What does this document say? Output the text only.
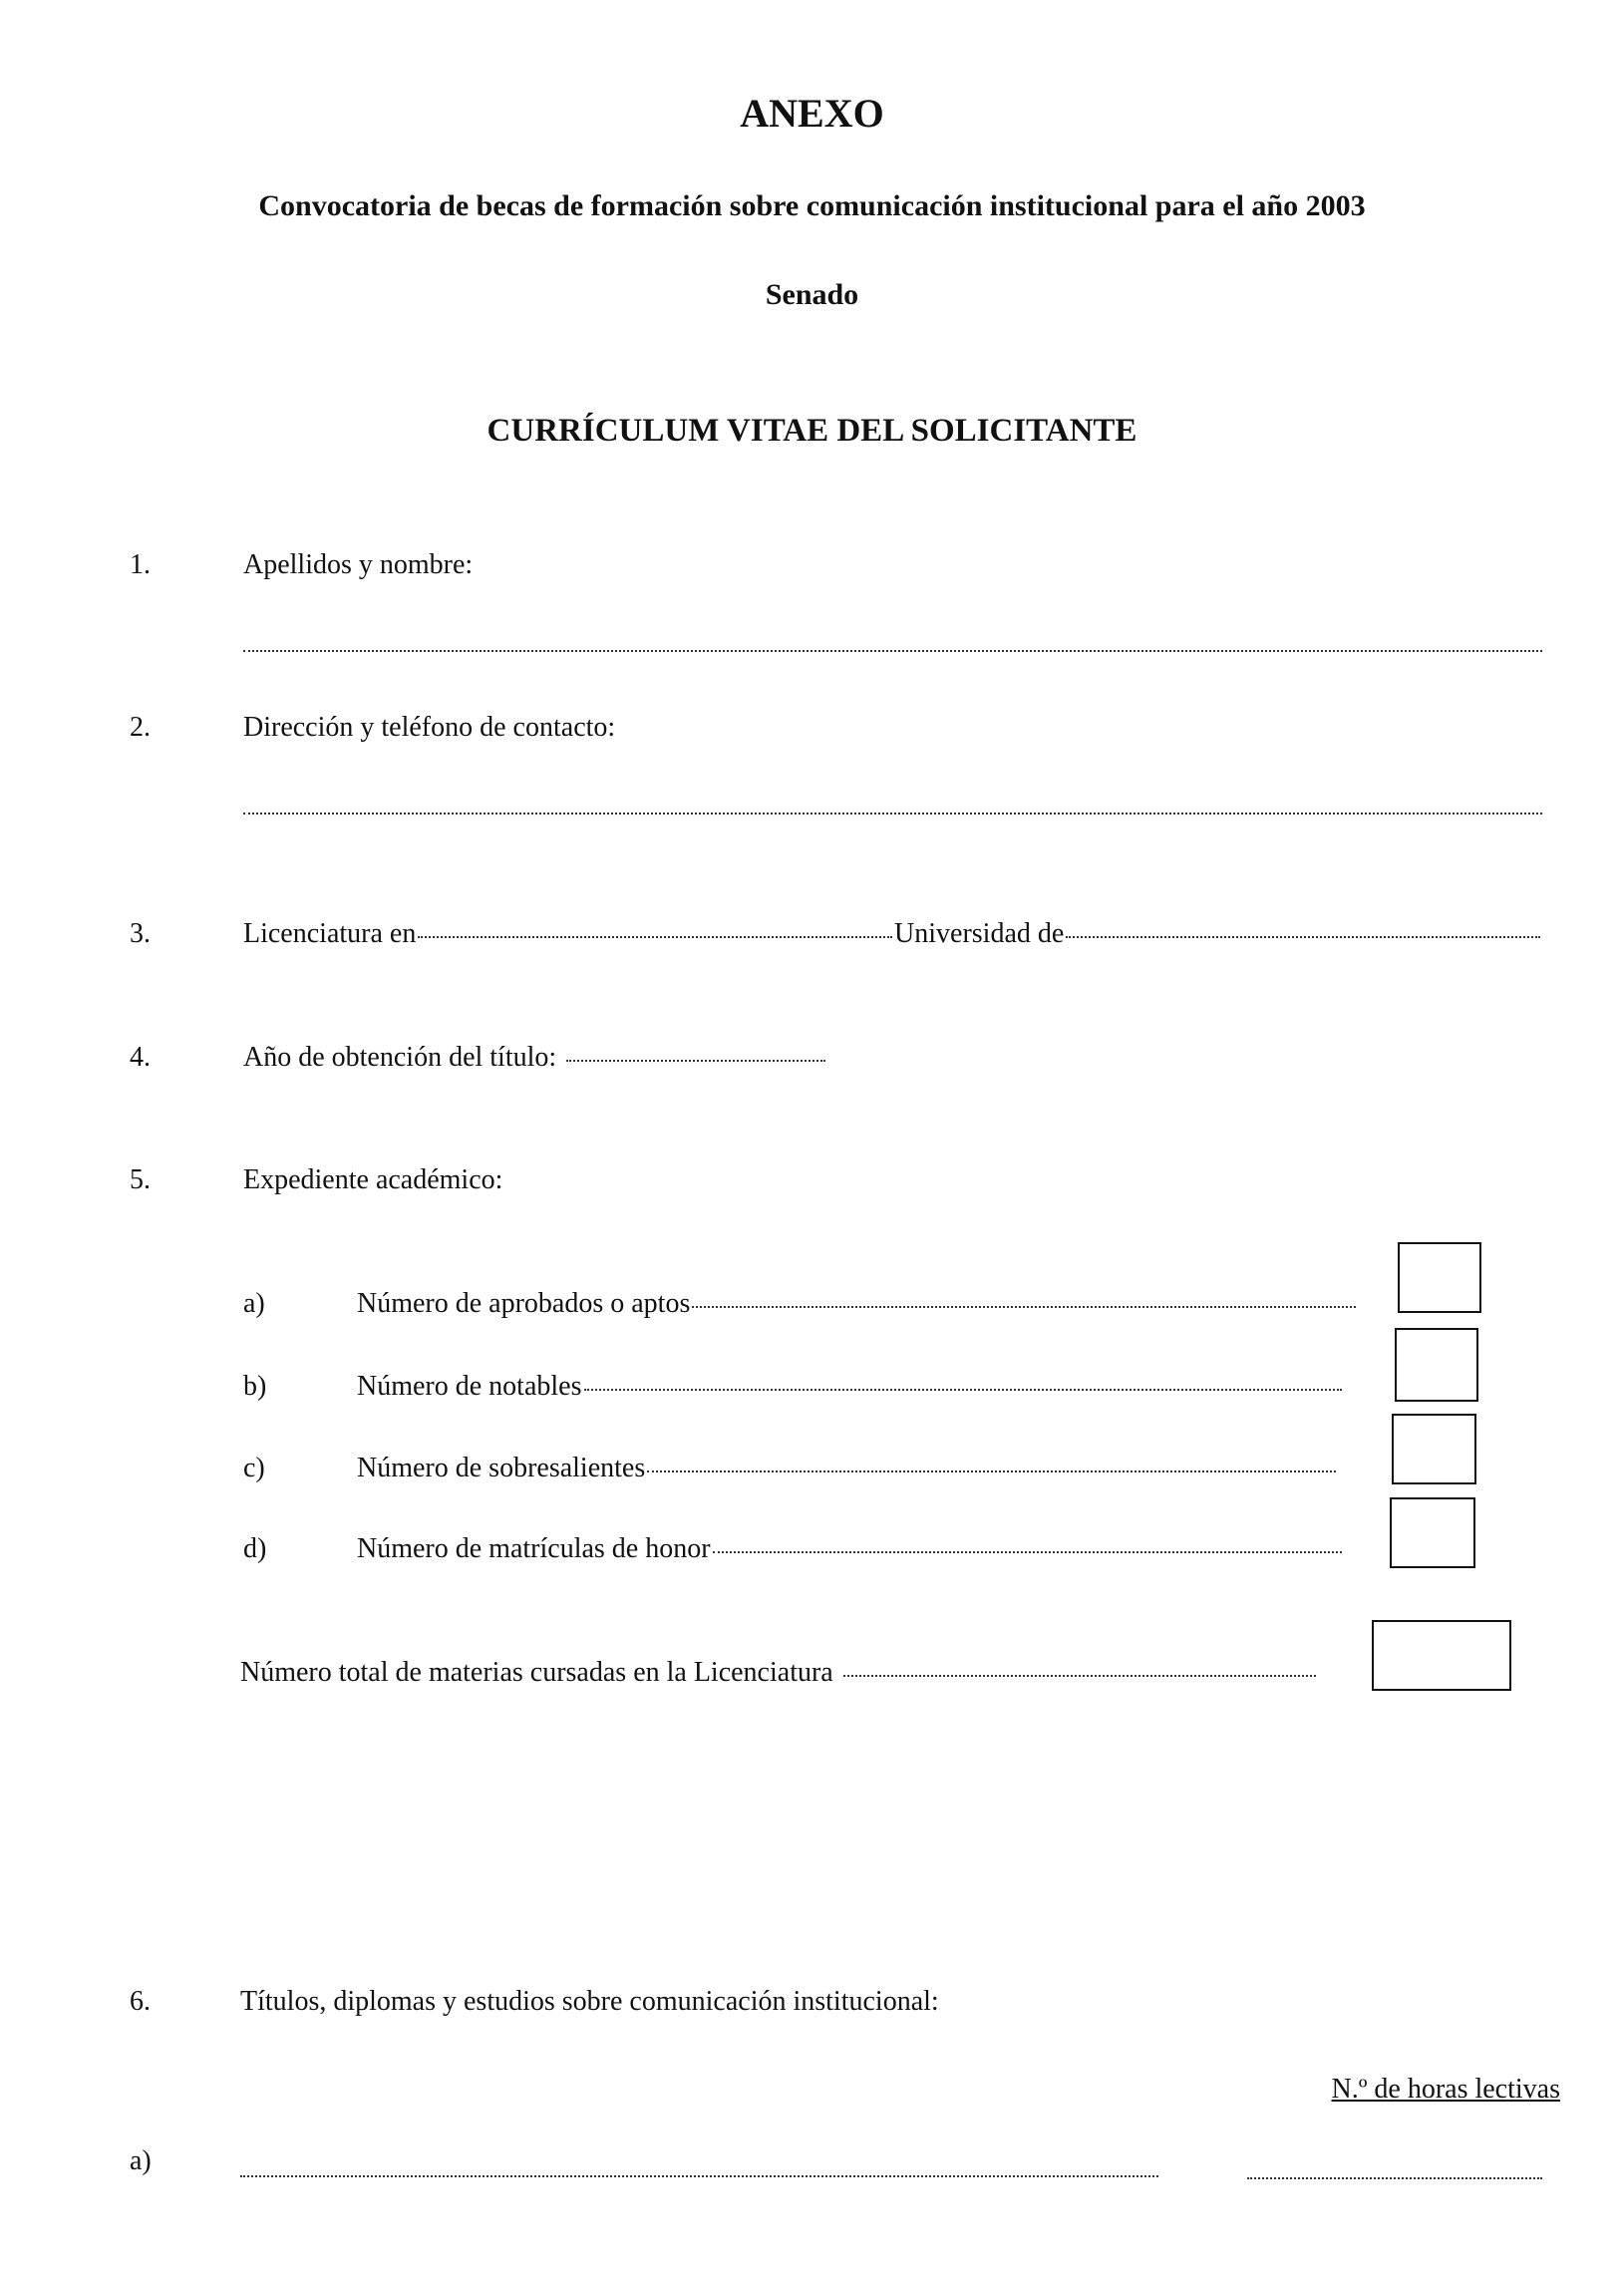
ANEXO
Convocatoria de becas de formación sobre comunicación institucional para el año 2003
Senado
CURRÍCULUM VITAE DEL SOLICITANTE
1.	Apellidos y nombre:
2.	Dirección y teléfono de contacto:
3.	Licenciatura en	Universidad de
4.	Año de obtención del título:
5.	Expediente académico:
a)	Número de aprobados o aptos
b)	Número de notables
c)	Número de sobresalientes
d)	Número de matrículas de honor
Número total de materias cursadas en la Licenciatura
6.	Títulos, diplomas y estudios sobre comunicación institucional:
N.º de horas lectivas
a)
